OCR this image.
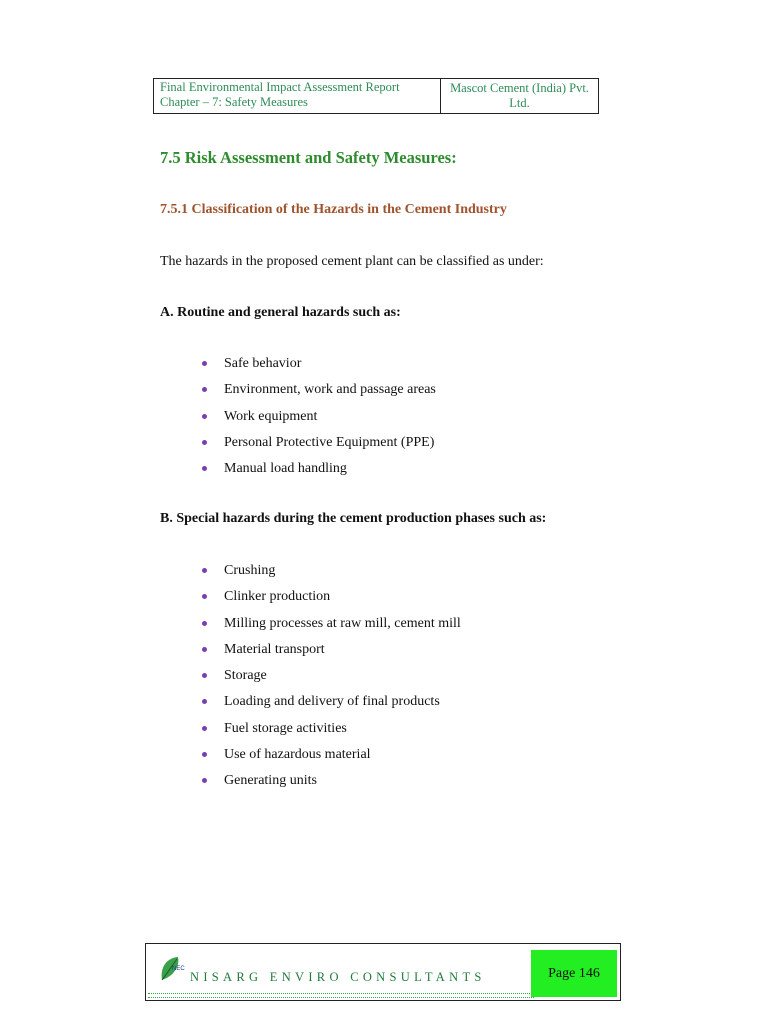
Final Environmental Impact Assessment Report
Chapter – 7: Safety Measures
Mascot Cement (India) Pvt.
Ltd.
7.5 Risk Assessment and Safety Measures:
7.5.1 Classification of the Hazards in the Cement Industry

The hazards in the proposed cement plant can be classified as under:

A. Routine and general hazards such as:

Safe behavior
Environment, work and passage areas
Work equipment
Personal Protective Equipment (PPE)
Manual load handling

B. Special hazards during the cement production phases such as:

Crushing
Clinker production
Milling processes at raw mill, cement mill
Material transport
Storage
Loading and delivery of final products
Fuel storage activities
Use of hazardous material
Generating units
NEC
NISARG ENVIRO CONSULTANTS	Page 146
